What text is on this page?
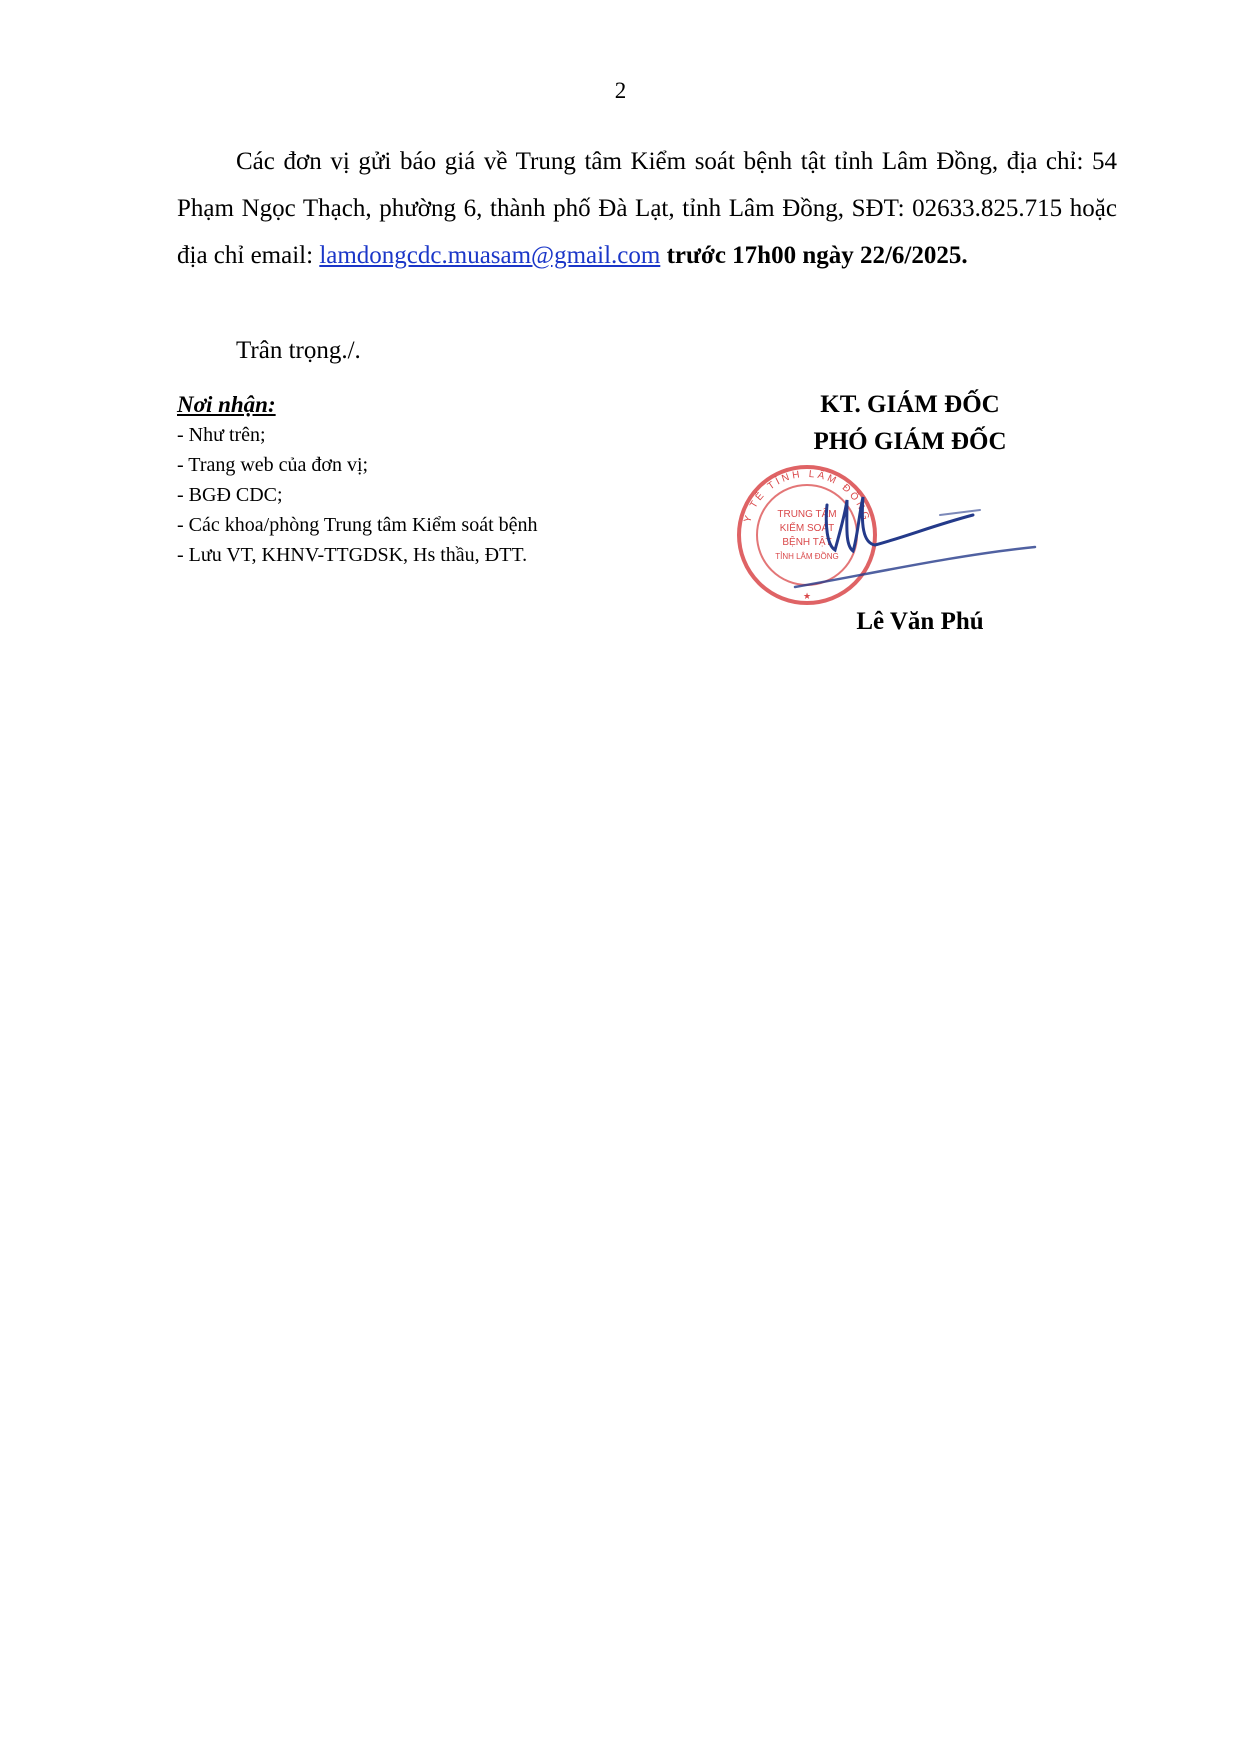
2

Các đơn vị gửi báo giá về Trung tâm Kiểm soát bệnh tật tỉnh Lâm Đồng, địa chỉ: 54 Phạm Ngọc Thạch, phường 6, thành phố Đà Lạt, tỉnh Lâm Đồng, SĐT: 02633.825.715 hoặc địa chỉ email: lamdongcdc.muasam@gmail.com trước 17h00 ngày 22/6/2025.

Trân trọng./.
Nơi nhận:
- Như trên;
- Trang web của đơn vị;
- BGĐ CDC;
- Các khoa/phòng Trung tâm Kiểm soát bệnh
- Lưu VT, KHNV-TTGDSK, Hs thầu, ĐTT.
KT. GIÁM ĐỐC
PHÓ GIÁM ĐỐC
TRUNG TÂM
KIỂM SOÁT
BỆNH TẬT
TỈNH LÂM ĐỒNG
Y TẾ TỈNH LÂM ĐỒNG
★
Lê Văn Phú
